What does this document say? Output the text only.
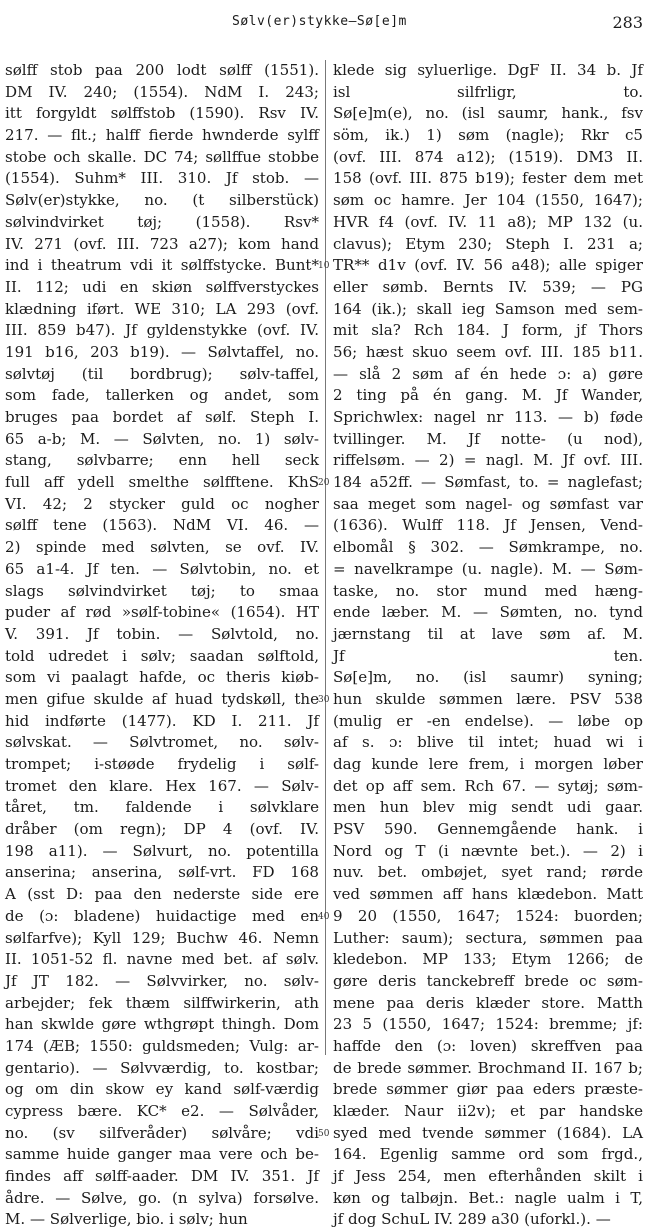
Sølv(er)stykke—Sø[e]m	283
sølff stob paa 200 lodt sølff (1551).
DM IV. 240; (1554). NdM I. 243;
itt forgyldt sølffstob (1590). Rsv IV.
217. — flt.; halff fierde hwnderde sylff
stobe och skalle. DC 74; søllffue stobbe
(1554). Suhm* III. 310. Jf stob. —
Sølv(er)stykke, no. (t silberstück)
sølvindvirket tøj; (1558). Rsv*
IV. 271 (ovf. III. 723 a27); kom hand
ind i theatrum vdi it sølffstycke. Bunt*
II. 112; udi en skiøn sølffverstyckes
klædning iført. WE 310; LA 293 (ovf.
III. 859 b47). Jf gyldenstykke (ovf. IV.
191 b16, 203 b19). — Sølvtaffel, no.
sølvtøj (til bordbrug); sølv-taffel,
som fade, tallerken og andet, som
bruges paa bordet af sølf. Steph I.
65 a-b; M. — Sølvten, no. 1) sølv-
stang, sølvbarre; enn hell seck
full aff ydell smelthe sølfftene. KhS
VI. 42; 2 stycker guld oc nogher
sølff tene (1563). NdM VI. 46. —
2) spinde med sølvten, se ovf. IV.
65 a1-4. Jf ten. — Sølvtobin, no. et
slags sølvindvirket tøj; to smaa
puder af rød »sølf-tobine« (1654). HT
V. 391. Jf tobin. — Sølvtold, no.
told udredet i sølv; saadan sølftold,
som vi paalagt hafde, oc theris kiøb-
men gifue skulde af huad tydskøll, the
hid indførte (1477). KD I. 211. Jf
sølvskat. — Sølvtromet, no. sølv-
trompet; i-støøde frydelig i sølf-
tromet den klare. Hex 167. — Sølv-
tåret, tm. faldende i sølvklare
dråber (om regn); DP 4 (ovf. IV.
198 a11). — Sølvurt, no. potentilla
anserina; anserina, sølf-vrt. FD 168
A (sst D: paa den nederste side ere
de (ɔ: bladene) huidactige med en
sølfarfve); Kyll 129; Buchw 46. Nemn
II. 1051-52 fl. navne med bet. af sølv.
Jf JT 182. — Sølvvirker, no. sølv-
arbejder; fek thæm silffwirkerin, ath
han skwlde gøre wthgrøpt thingh. Dom
174 (ÆB; 1550: guldsmeden; Vulg: ar-
gentario). — Sølvværdig, to. kostbar;
og om din skow ey kand sølf-værdig
cypress bære. KC* e2. — Sølvåder,
no. (sv silfveråder) sølvåre; vdi
samme huide ganger maa vere och be-
findes aff sølff-aader. DM IV. 351. Jf
ådre. — Sølve, go. (n sylva) forsølve.
M. — Sølverlige, bio. i sølv; hun
10
20
30
40
50
klede sig syluerlige. DgF II. 34 b. Jf
isl silfrligr, to.
Sø[e]m(e), no. (isl saumr, hank., fsv
söm, ik.) 1) søm (nagle); Rkr c5
(ovf. III. 874 a12); (1519). DM3 II.
158 (ovf. III. 875 b19); fester dem met
søm oc hamre. Jer 104 (1550, 1647);
HVR f4 (ovf. IV. 11 a8); MP 132 (u.
clavus); Etym 230; Steph I. 231 a;
TR** d1v (ovf. IV. 56 a48); alle spiger
eller sømb. Bernts IV. 539; — PG
164 (ik.); skall ieg Samson med sem-
mit sla? Rch 184. J form, jf Thors
56; hæst skuo seem ovf. III. 185 b11.
— slå 2 søm af én hede ɔ: a) gøre
2 ting på én gang. M. Jf Wander,
Sprichwlex: nagel nr 113. — b) føde
tvillinger. M. Jf notte- (u nod),
riffelsøm. — 2) = nagl. M. Jf ovf. III.
184 a52ff. — Sømfast, to. = naglefast;
saa meget som nagel- og sømfast var
(1636). Wulff 118. Jf Jensen, Vend-
elbomål § 302. — Sømkrampe, no.
= navelkrampe (u. nagle). M. — Søm-
taske, no. stor mund med hæng-
ende læber. M. — Sømten, no. tynd
jærnstang til at lave søm af. M.
Jf ten.
Sø[e]m, no. (isl saumr) syning;
hun skulde sømmen lære. PSV 538
(mulig er -en endelse). — løbe op
af s. ɔ: blive til intet; huad wi i
dag kunde lere frem, i morgen løber
det op aff sem. Rch 67. — sytøj; søm-
men hun blev mig sendt udi gaar.
PSV 590. Gennemgående hank. i
Nord og T (i nævnte bet.). — 2) i
nuv. bet. ombøjet, syet rand; rørde
ved sømmen aff hans klædebon. Matt
9 20 (1550, 1647; 1524: buorden;
Luther: saum); sectura, sømmen paa
kledebon. MP 133; Etym 1266; de
gøre deris tanckebreff brede oc søm-
mene paa deris klæder store. Matth
23 5 (1550, 1647; 1524: bremme; jf:
haffde den (ɔ: loven) skreffven paa
de brede sømmer. Brochmand II. 167 b;
brede sømmer giør paa eders præste-
klæder. Naur ii2v); et par handske
syed med tvende sømmer (1684). LA
164. Egenlig samme ord som frgd.,
jf Jess 254, men efterhånden skilt i
køn og talbøjn. Bet.: nagle ualm i T,
jf dog SchuL IV. 289 a30 (uforkl.). —
